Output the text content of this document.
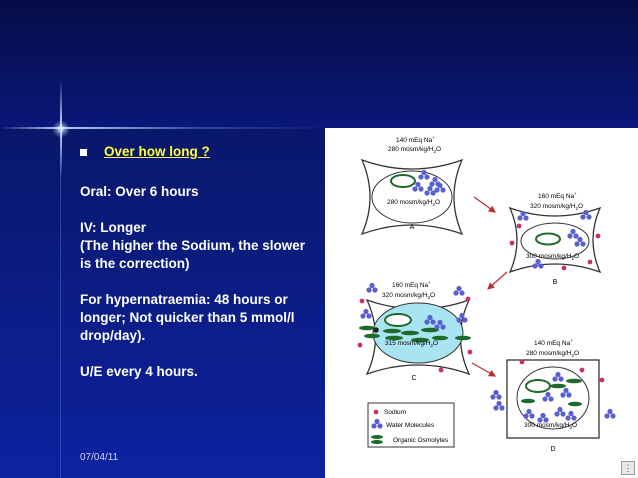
Over how long ?
Oral: Over 6 hours
IV: Longer
(The higher the Sodium, the slower
is the correction)
For hypernatraemia: 48 hours or
longer; Not quicker than 5 mmol/l
drop/day).
U/E every 4 hours.
07/04/11
140 mEq Na+
280 mosm/$kg/H_2O$
280 mosm/$kg/H_2O$
A
160 mEq Na+
320 mosm/$kg/H_2O$
300 mosm/$kg/H_2O$
B
160 mEq Na+
320 mosm/$kg/H_2O$
315 mosm/$kg/H_2O$
C
140 mEq Na+
280 mosm/$kg/H_2O$
300 mosm/$kg/H_2O$
D
Sodium
Water Molecules
Organic Osmolytes
⋮
